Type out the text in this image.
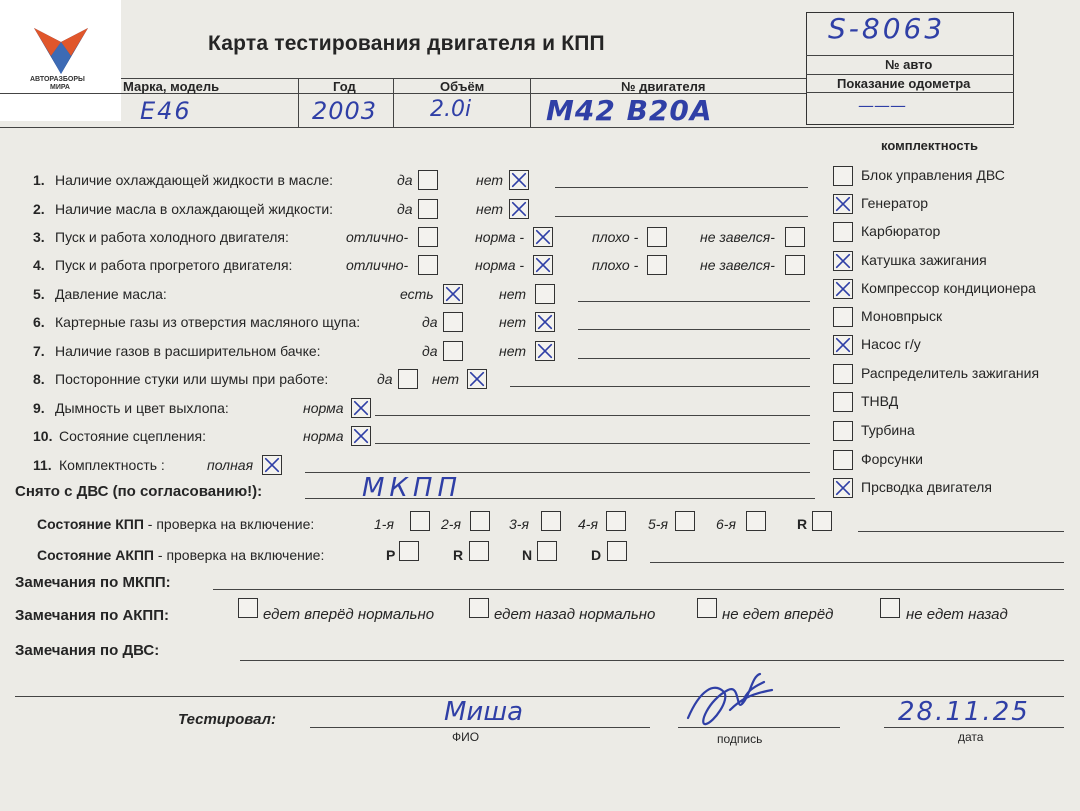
АВТОРАЗБОРЫ
МИРА
Карта тестирования двигателя и КПП	S-8063
№ авто
Показание одометра
———
Марка, модель	Год	Объём	№ двигателя
E46	2003 2.0i	M42 B20A
комплектность
Блок управления ДВС
Генератор
Карбюратор
Катушка зажигания
Компрессор кондиционера
Моновпрыск
Насос г/у
Распределитель зажигания
ТНВД
Турбина
Форсунки
Прсводка двигателя
1. Наличие охлаждающей жидкости в масле:	да	нет
2. Наличие масла в охлаждающей жидкости:	да	нет
3. Пуск и работа холодного двигателя:	отлично-	норма -	плохо -	не завелся-
4. Пуск и работа прогретого двигателя:	отлично-	норма -	плохо -	не завелся-
5. Давление масла:	есть	нет
6. Картерные газы из отверстия масляного щупа:	да	нет
7. Наличие газов в расширительном бачке:	да	нет
8. Посторонние стуки или шумы при работе:	да	нет
9. Дымность и цвет выхлопа:	норма
10. Состояние сцепления:	норма
11. Комплектность :	полная
Снято с ДВС (по согласованию!):	МКПП
Состояние КПП - проверка на включение:	1-я	2-я	3-я	4-я	5-я	6-я	R
Состояние АКПП - проверка на включение:	P	R	N	D
Замечания по МКПП:
Замечания по АКПП:	едет вперёд нормально	едет назад нормально	не едет вперёд	не едет назад
Замечания по ДВС:
Тестировал:	Миша
ФИО	подпись
28.11.25
дата
